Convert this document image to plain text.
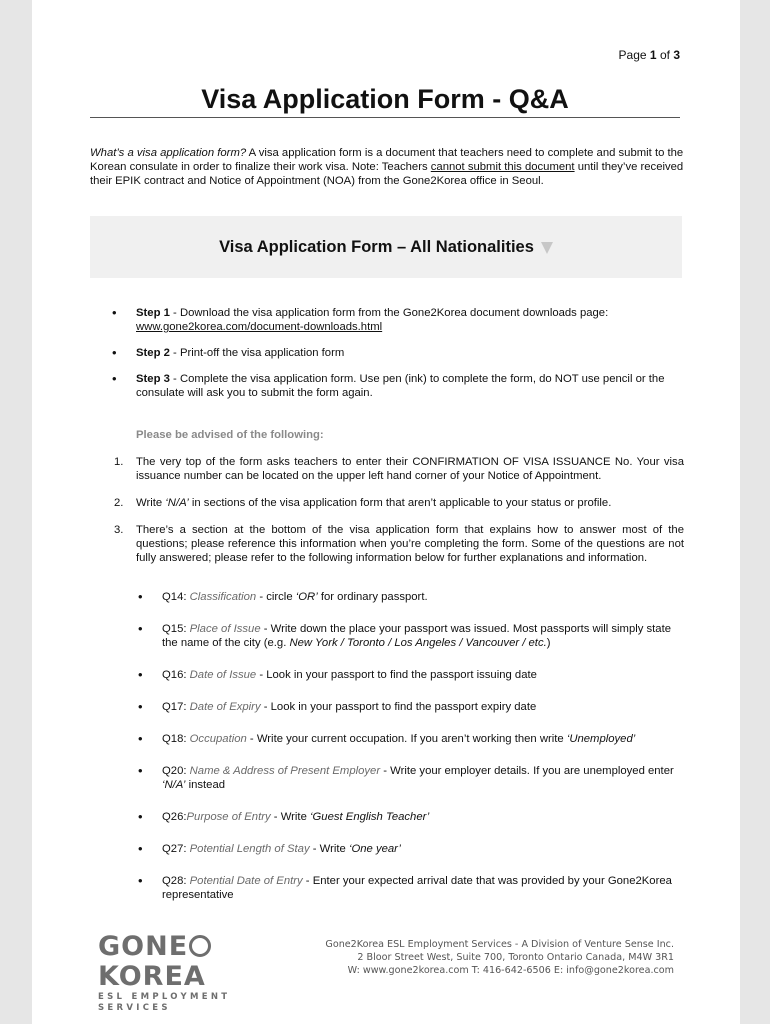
Page 1 of 3
Visa Application Form - Q&A

What’s a visa application form? A visa application form is a document that teachers need to complete and submit to the Korean consulate in order to finalize their work visa. Note: Teachers cannot submit this document until they’ve received their EPIK contract and Notice of Appointment (NOA) from the Gone2Korea office in Seoul.

Visa Application Form – All Nationalities
• Step 1 - Download the visa application form from the Gone2Korea document downloads page:
www.gone2korea.com/document-downloads.html
• Step 2 - Print-off the visa application form
• Step 3 - Complete the visa application form. Use pen (ink) to complete the form, do NOT use pencil or the consulate will ask you to submit the form again.
Please be advised of the following:
1. The very top of the form asks teachers to enter their CONFIRMATION OF VISA ISSUANCE No. Your visa issuance number can be located on the upper left hand corner of your Notice of Appointment.
2. Write ‘N/A’ in sections of the visa application form that aren’t applicable to your status or profile.
3. There’s a section at the bottom of the visa application form that explains how to answer most of the questions; please reference this information when you’re completing the form. Some of the questions are not fully answered; please refer to the following information below for further explanations and information.
• Q14: Classification - circle ‘OR’ for ordinary passport.
• Q15: Place of Issue - Write down the place your passport was issued. Most passports will simply state the name of the city (e.g. New York / Toronto / Los Angeles / Vancouver / etc.)
• Q16: Date of Issue - Look in your passport to find the passport issuing date
• Q17: Date of Expiry - Look in your passport to find the passport expiry date
• Q18: Occupation - Write your current occupation. If you aren’t working then write ‘Unemployed’
• Q20: Name & Address of Present Employer - Write your employer details. If you are unemployed enter ‘N/A’ instead
• Q26:Purpose of Entry - Write ‘Guest English Teacher’
• Q27: Potential Length of Stay - Write ‘One year’
• Q28: Potential Date of Entry - Enter your expected arrival date that was provided by your Gone2Korea representative
GONEKOREA
ESL EMPLOYMENT SERVICES
Gone2Korea ESL Employment Services - A Division of Venture Sense Inc.
2 Bloor Street West, Suite 700, Toronto Ontario Canada, M4W 3R1
W: www.gone2korea.com T: 416-642-6506 E: info@gone2korea.com
